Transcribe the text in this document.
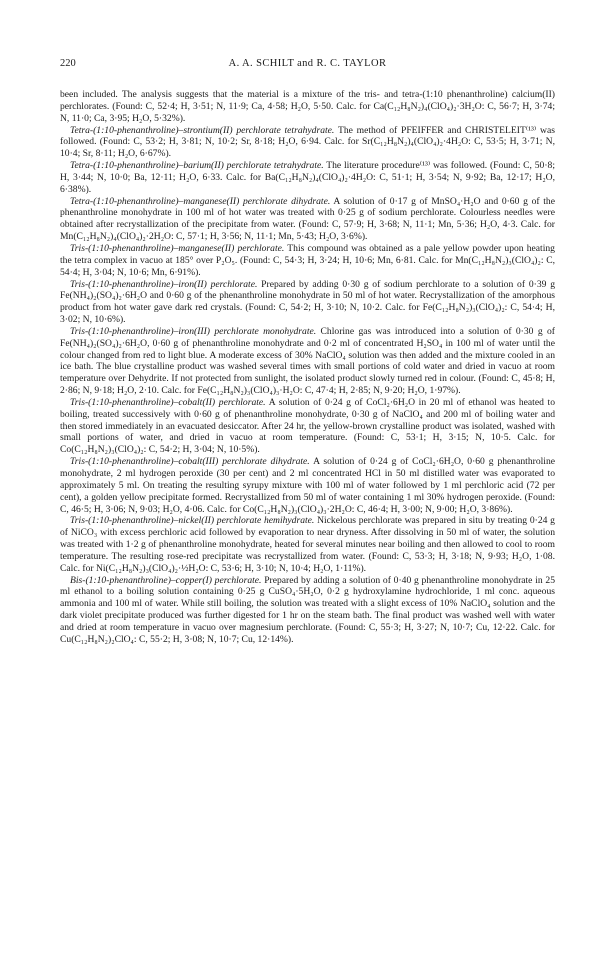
220	A. A. SCHILT and R. C. TAYLOR

been included. The analysis suggests that the material is a mixture of the tris- and tetra-(1:10 phenanthroline) calcium(II) perchlorates. (Found: C, 52·4; H, 3·51; N, 11·9; Ca, 4·58; H₂O, 5·50. Calc. for Ca(C₁₂H₈N₂)₄(ClO₄)₂·3H₂O: C, 56·7; H, 3·74; N, 11·0; Ca, 3·95; H₂O, 5·32%).

Tetra-(1:10-phenanthroline)–strontium(II) perchlorate tetrahydrate. The method of PFEIFFER and CHRISTELEIT⁽¹³⁾ was followed. (Found: C, 53·2; H, 3·81; N, 10·2; Sr, 8·18; H₂O, 6·94. Calc. for Sr(C₁₂H₈N₂)₄(ClO₄)₂·4H₂O: C, 53·5; H, 3·71; N, 10·4; Sr, 8·11; H₂O, 6·67%).

Tetra-(1:10-phenanthroline)–barium(II) perchlorate tetrahydrate. The literature procedure⁽¹³⁾ was followed. (Found: C, 50·8; H, 3·44; N, 10·0; Ba, 12·11; H₂O, 6·33. Calc. for Ba(C₁₂H₈N₂)₄(ClO₄)₂·4H₂O: C, 51·1; H, 3·54; N, 9·92; Ba, 12·17; H₂O, 6·38%).

Tetra-(1:10-phenanthroline)–manganese(II) perchlorate dihydrate. A solution of 0·17 g of MnSO₄·H₂O and 0·60 g of the phenanthroline monohydrate in 100 ml of hot water was treated with 0·25 g of sodium perchlorate. Colourless needles were obtained after recrystallization of the precipitate from water. (Found: C, 57·9; H, 3·68; N, 11·1; Mn, 5·36; H₂O, 4·3. Calc. for Mn(C₁₂H₈N₂)₄(ClO₄)₂·2H₂O: C, 57·1; H, 3·56; N, 11·1; Mn, 5·43; H₂O, 3·6%).

Tris-(1:10-phenanthroline)–manganese(II) perchlorate. This compound was obtained as a pale yellow powder upon heating the tetra complex in vacuo at 185° over P₂O₅. (Found: C, 54·3; H, 3·24; H, 10·6; Mn, 6·81. Calc. for Mn(C₁₂H₈N₂)₃(ClO₄)₂: C, 54·4; H, 3·04; N, 10·6; Mn, 6·91%).

Tris-(1:10-phenanthroline)–iron(II) perchlorate. Prepared by adding 0·30 g of sodium perchlorate to a solution of 0·39 g Fe(NH₄)₂(SO₄)₂·6H₂O and 0·60 g of the phenanthroline monohydrate in 50 ml of hot water. Recrystallization of the amorphous product from hot water gave dark red crystals. (Found: C, 54·2; H, 3·10; N, 10·2. Calc. for Fe(C₁₂H₈N₂)₃(ClO₄)₂: C, 54·4; H, 3·02; N, 10·6%).

Tris-(1:10-phenanthroline)–iron(III) perchlorate monohydrate. Chlorine gas was introduced into a solution of 0·30 g of Fe(NH₄)₂(SO₄)₂·6H₂O, 0·60 g of phenanthroline monohydrate and 0·2 ml of concentrated H₂SO₄ in 100 ml of water until the colour changed from red to light blue. A moderate excess of 30% NaClO₄ solution was then added and the mixture cooled in an ice bath. The blue crystalline product was washed several times with small portions of cold water and dried in vacuo at room temperature over Dehydrite. If not protected from sunlight, the isolated product slowly turned red in colour. (Found: C, 45·8; H, 2·86; N, 9·18; H₂O, 2·10. Calc. for Fe(C₁₂H₈N₂)₃(ClO₄)₃·H₂O: C, 47·4; H, 2·85; N, 9·20; H₂O, 1·97%).

Tris-(1:10-phenanthroline)–cobalt(II) perchlorate. A solution of 0·24 g of CoCl₂·6H₂O in 20 ml of ethanol was heated to boiling, treated successively with 0·60 g of phenanthroline monohydrate, 0·30 g of NaClO₄ and 200 ml of boiling water and then stored immediately in an evacuated desiccator. After 24 hr, the yellow-brown crystalline product was isolated, washed with small portions of water, and dried in vacuo at room temperature. (Found: C, 53·1; H, 3·15; N, 10·5. Calc. for Co(C₁₂H₈N₂)₃(ClO₄)₂: C, 54·2; H, 3·04; N, 10·5%).

Tris-(1:10-phenanthroline)–cobalt(III) perchlorate dihydrate. A solution of 0·24 g of CoCl₂·6H₂O, 0·60 g phenanthroline monohydrate, 2 ml hydrogen peroxide (30 per cent) and 2 ml concentrated HCl in 50 ml distilled water was evaporated to approximately 5 ml. On treating the resulting syrupy mixture with 100 ml of water followed by 1 ml perchloric acid (72 per cent), a golden yellow precipitate formed. Recrystallized from 50 ml of water containing 1 ml 30% hydrogen peroxide. (Found: C, 46·5; H, 3·06; N, 9·03; H₂O, 4·06. Calc. for Co(C₁₂H₈N₂)₃(ClO₄)₃·2H₂O: C, 46·4; H, 3·00; N, 9·00; H₂O, 3·86%).

Tris-(1:10-phenanthroline)–nickel(II) perchlorate hemihydrate. Nickelous perchlorate was prepared in situ by treating 0·24 g of NiCO₃ with excess perchloric acid followed by evaporation to near dryness. After dissolving in 50 ml of water, the solution was treated with 1·2 g of phenanthroline monohydrate, heated for several minutes near boiling and then allowed to cool to room temperature. The resulting rose-red precipitate was recrystallized from water. (Found: C, 53·3; H, 3·18; N, 9·93; H₂O, 1·08. Calc. for Ni(C₁₂H₈N₂)₃(ClO₄)₂·½H₂O: C, 53·6; H, 3·10; N, 10·4; H₂O, 1·11%).

Bis-(1:10-phenanthroline)–copper(I) perchlorate. Prepared by adding a solution of 0·40 g phenanthroline monohydrate in 25 ml ethanol to a boiling solution containing 0·25 g CuSO₄·5H₂O, 0·2 g hydroxylamine hydrochloride, 1 ml conc. aqueous ammonia and 100 ml of water. While still boiling, the solution was treated with a slight excess of 10% NaClO₄ solution and the dark violet precipitate produced was further digested for 1 hr on the steam bath. The final product was washed well with water and dried at room temperature in vacuo over magnesium perchlorate. (Found: C, 55·3; H, 3·27; N, 10·7; Cu, 12·22. Calc. for Cu(C₁₂H₈N₂)₂ClO₄: C, 55·2; H, 3·08; N, 10·7; Cu, 12·14%).
